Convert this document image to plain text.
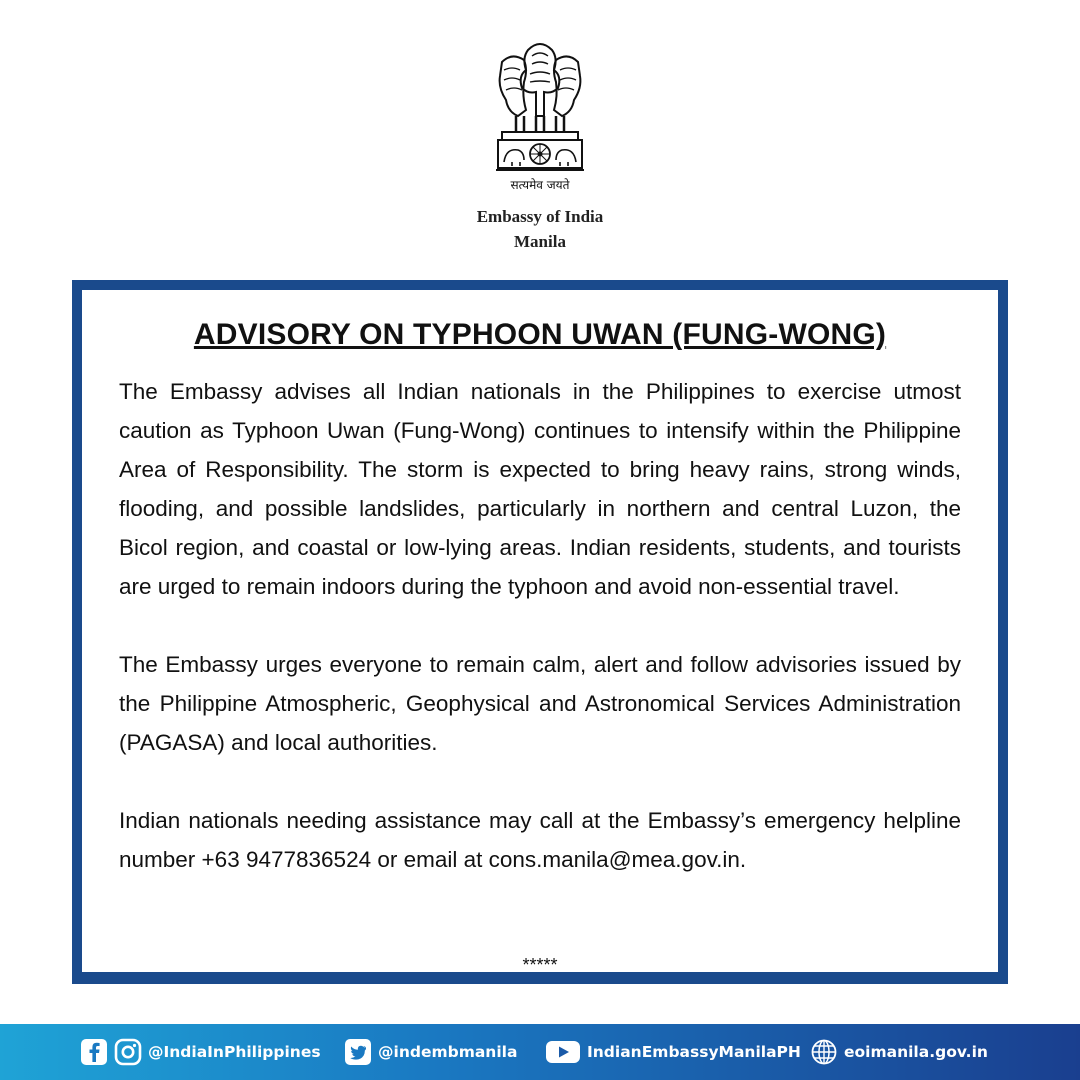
सत्यमेव जयते
Embassy of India
Manila
ADVISORY ON TYPHOON UWAN (FUNG-WONG)

The Embassy advises all Indian nationals in the Philippines to exercise utmost caution as Typhoon Uwan (Fung-Wong) continues to intensify within the Philippine Area of Responsibility. The storm is expected to bring heavy rains, strong winds, flooding, and possible landslides, particularly in northern and central Luzon, the Bicol region, and coastal or low-lying areas. Indian residents, students, and tourists are urged to remain indoors during the typhoon and avoid non-essential travel.

The Embassy urges everyone to remain calm, alert and follow advisories issued by the Philippine Atmospheric, Geophysical and Astronomical Services Administration (PAGASA) and local authorities.

Indian nationals needing assistance may call at the Embassy’s emergency helpline number +63 9477836524 or email at cons.manila@mea.gov.in.

*****
@IndiaInPhilippines	@indembmanila	IndianEmbassyManilaPH	eoimanila.gov.in
